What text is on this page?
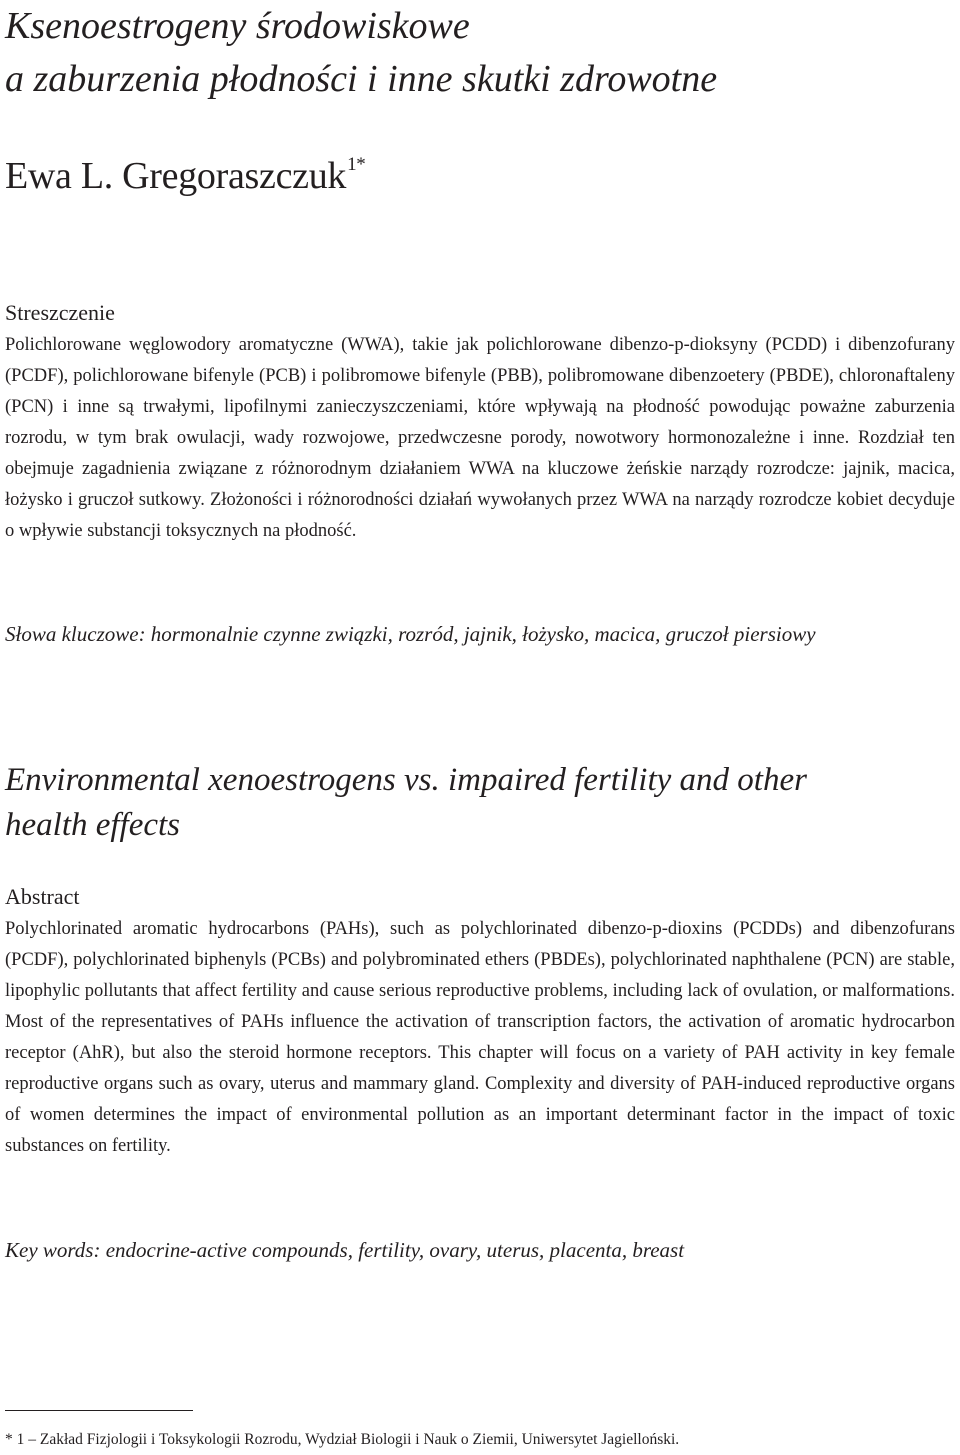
Ksenoestrogeny środowiskowe
a zaburzenia płodności i inne skutki zdrowotne
Ewa L. Gregoraszczuk$^{1*}$
Streszczenie

Polichlorowane węglowodory aromatyczne (WWA), takie jak polichlorowane dibenzo-p-dioksyny (PCDD) i dibenzofurany (PCDF), polichlorowane bifenyle (PCB) i polibromowe bifenyle (PBB), polibromowane dibenzoetery (PBDE), chloronaftaleny (PCN) i inne są trwałymi, lipofilnymi zanieczyszczeniami, które wpływają na płodność powodując poważne zaburzenia rozrodu, w tym brak owulacji, wady rozwojowe, przedwczesne porody, nowotwory hormonozależne i inne. Rozdział ten obejmuje zagadnienia związane z różnorodnym działaniem WWA na kluczowe żeńskie narządy rozrodcze: jajnik, macica, łożysko i gruczoł sutkowy. Złożoności i różnorodności działań wywołanych przez WWA na narządy rozrodcze kobiet decyduje o wpływie substancji toksycznych na płodność.

Słowa kluczowe: hormonalnie czynne związki, rozród, jajnik, łożysko, macica, gruczoł piersiowy

Environmental xenoestrogens vs. impaired fertility and other
health effects
Abstract

Polychlorinated aromatic hydrocarbons (PAHs), such as polychlorinated dibenzo-p-dioxins (PCDDs) and dibenzofurans (PCDF), polychlorinated biphenyls (PCBs) and polybrominated ethers (PBDEs), polychlorinated naphthalene (PCN) are stable, lipophylic pollutants that affect fertility and cause serious reproductive problems, including lack of ovulation, or malformations. Most of the representatives of PAHs influence the activation of transcription factors, the activation of aromatic hydrocarbon receptor (AhR), but also the steroid hormone receptors. This chapter will focus on a variety of PAH activity in key female reproductive organs such as ovary, uterus and mammary gland. Complexity and diversity of PAH-induced reproductive organs of women determines the impact of environmental pollution as an important determinant factor in the impact of toxic substances on fertility.

Key words: endocrine-active compounds, fertility, ovary, uterus, placenta, breast

* 1 – Zakład Fizjologii i Toksykologii Rozrodu, Wydział Biologii i Nauk o Ziemii, Uniwersytet Jagielloński.
